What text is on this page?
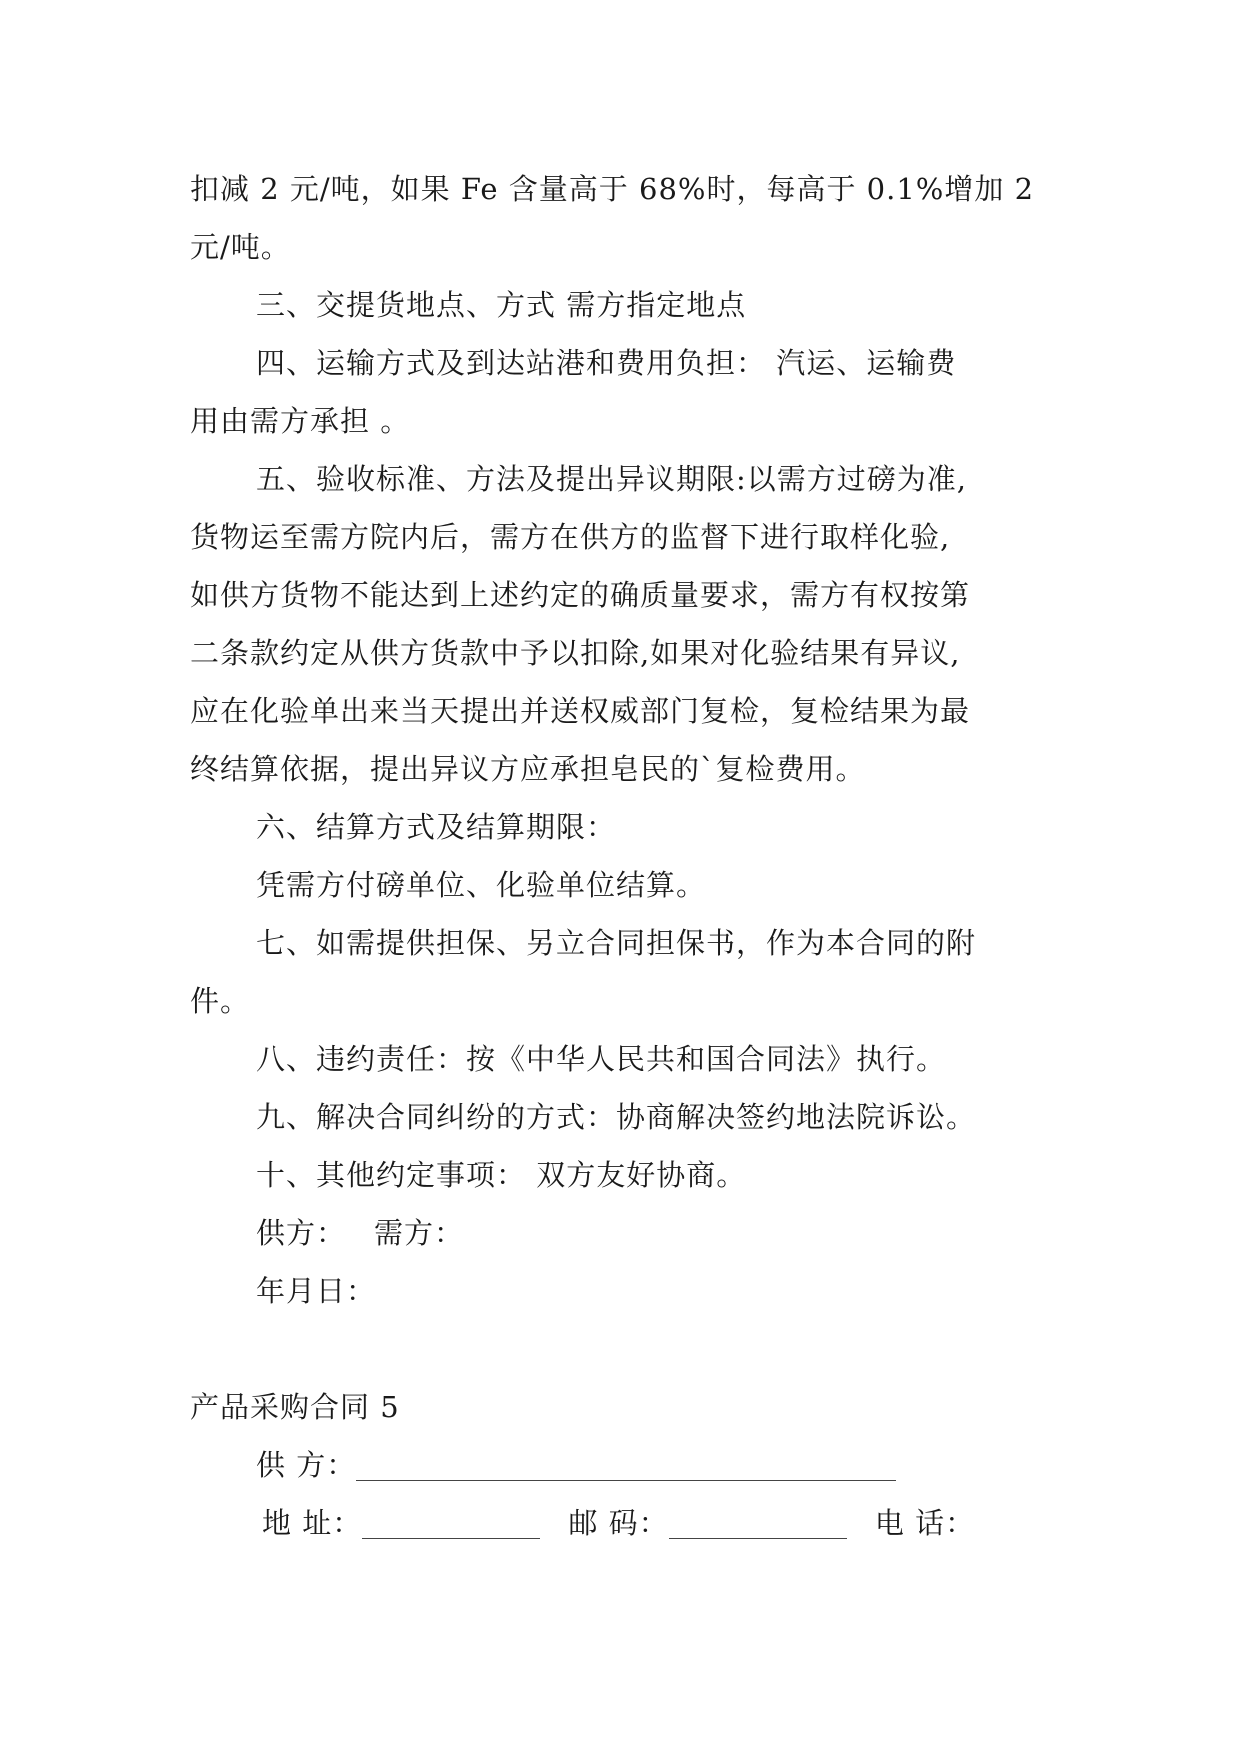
扣减 2 元/吨，如果 Fe 含量高于 68%时，每高于 0.1%增加 2
元/吨。
三、交提货地点、方式 需方指定地点
四、运输方式及到达站港和费用负担： 汽运、运输费
用由需方承担 。
五、验收标准、方法及提出异议期限:以需方过磅为准,
货物运至需方院内后，需方在供方的监督下进行取样化验,
如供方货物不能达到上述约定的确质量要求，需方有权按第
二条款约定从供方货款中予以扣除,如果对化验结果有异议,
应在化验单出来当天提出并送权威部门复检，复检结果为最
终结算依据，提出异议方应承担皂民的`复检费用。
六、结算方式及结算期限：
凭需方付磅单位、化验单位结算。
七、如需提供担保、另立合同担保书，作为本合同的附
件。
八、违约责任：按《中华人民共和国合同法》执行。
九、解决合同纠纷的方式：协商解决签约地法院诉讼。
十、其他约定事项： 双方友好协商。
供方： 需方：
年月日：
产品采购合同 5
供 方：
地 址：	邮 码：	电 话：
